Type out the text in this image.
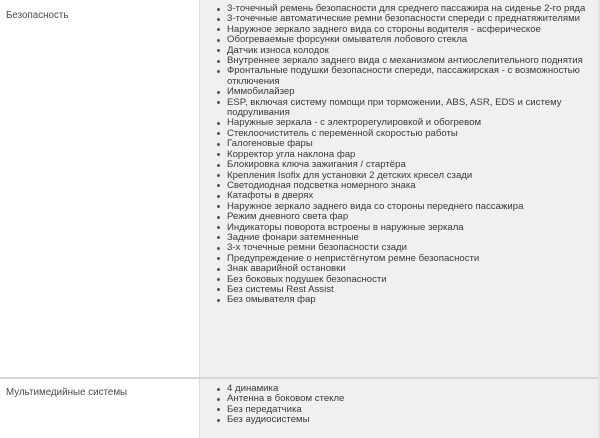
Безопасность
3-точечный ремень безопасности для среднего пассажира на сиденье 2-го ряда
3-точечные автоматические ремни безопасности спереди с преднатяжителями
Наружное зеркало заднего вида со стороны водителя - асферическое
Обогреваемые форсунки омывателя лобового стекла
Датчик износа колодок
Внутреннее зеркало заднего вида с механизмом антиослепительного поднятия
Фронтальные подушки безопасности спереди, пассажирская - с возможностью отключения
Иммобилайзер
ESP, включая систему помощи при торможении, ABS, ASR, EDS и систему подруливания
Наружные зеркала - с электрорегулировкой и обогревом
Стеклоочиститель с переменной скоростью работы
Галогеновые фары
Корректор угла наклона фар
Блокировка ключа зажигания / стартёра
Крепления Isofix для установки 2 детских кресел сзади
Светодиодная подсветка номерного знака
Катафоты в дверях
Наружное зеркало заднего вида со стороны переднего пассажира
Режим дневного света фар
Индикаторы поворота встроены в наружные зеркала
Задние фонари затемненные
3-х точечные ремни безопасности сзади
Предупреждение о непристёгнутом ремне безопасности
Знак аварийной остановки
Без боковых подушек безопасности
Без системы Rest Assist
Без омывателя фар
Мультимедийные системы	4 динамика
Антенна в боковом стекле
Без передатчика
Без аудиосистемы
